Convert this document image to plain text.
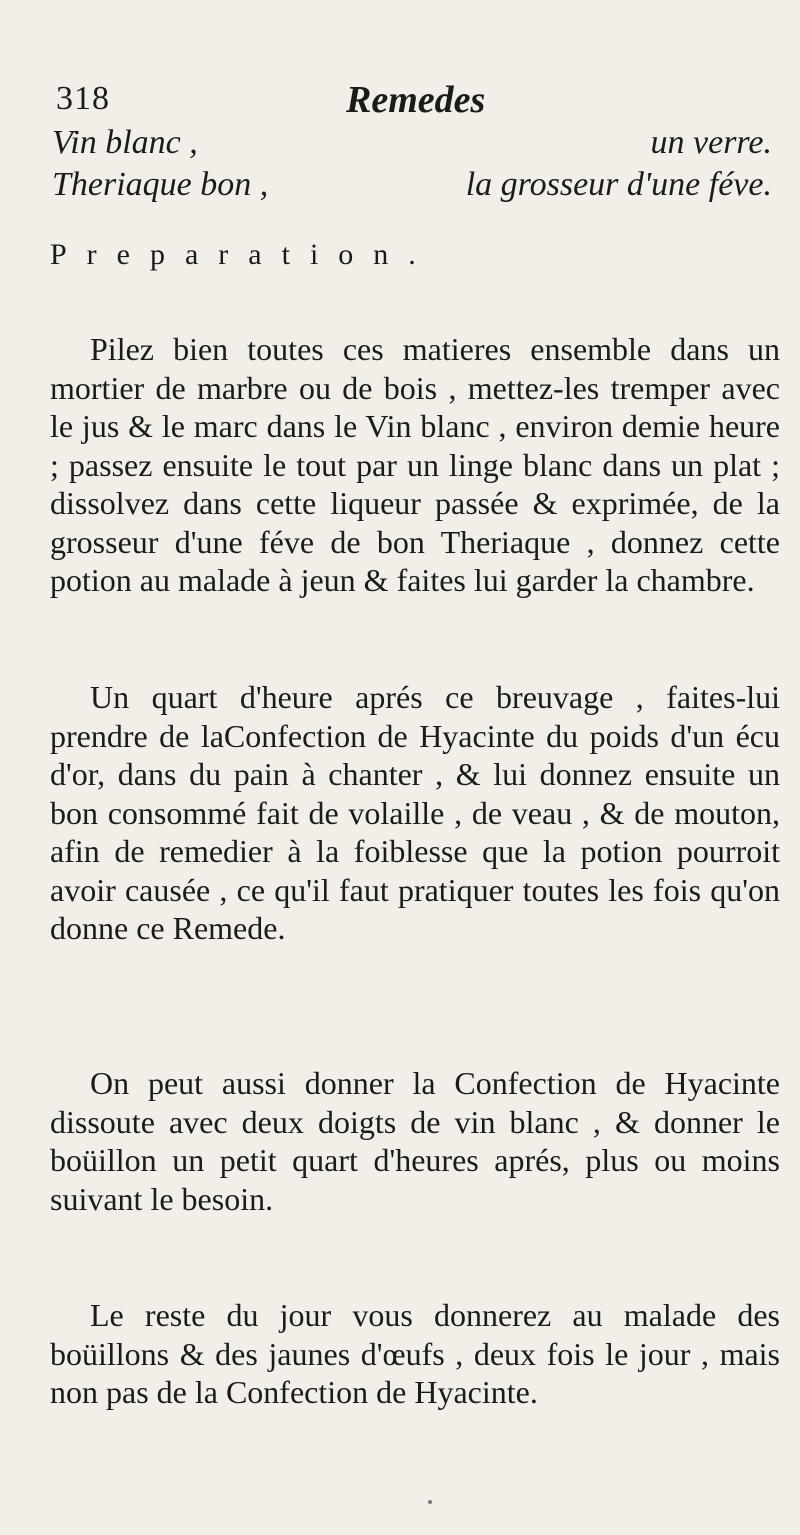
318	Remedes
Vin blanc ,	un verre.
Theriaque bon ,	la grosseur d'une féve.
Preparation.

Pilez bien toutes ces matieres ensemble dans un mortier de marbre ou de bois , mettez-les tremper avec le jus & le marc dans le Vin blanc , environ demie heure ; passez ensuite le tout par un linge blanc dans un plat ; dissolvez dans cette liqueur passée & exprimée, de la grosseur d'une féve de bon Theriaque , donnez cette potion au malade à jeun & faites lui garder la chambre.

Un quart d'heure aprés ce breuvage , faites-lui prendre de laConfection de Hyacinte du poids d'un écu d'or, dans du pain à chanter , & lui donnez ensuite un bon consommé fait de volaille , de veau , & de mouton, afin de remedier à la foiblesse que la potion pourroit avoir causée , ce qu'il faut pratiquer toutes les fois qu'on donne ce Remede.

On peut aussi donner la Confection de Hyacinte dissoute avec deux doigts de vin blanc , & donner le boüillon un petit quart d'heures aprés, plus ou moins suivant le besoin.

Le reste du jour vous donnerez au malade des boüillons & des jaunes d'œufs , deux fois le jour , mais non pas de la Confection de Hyacinte.
